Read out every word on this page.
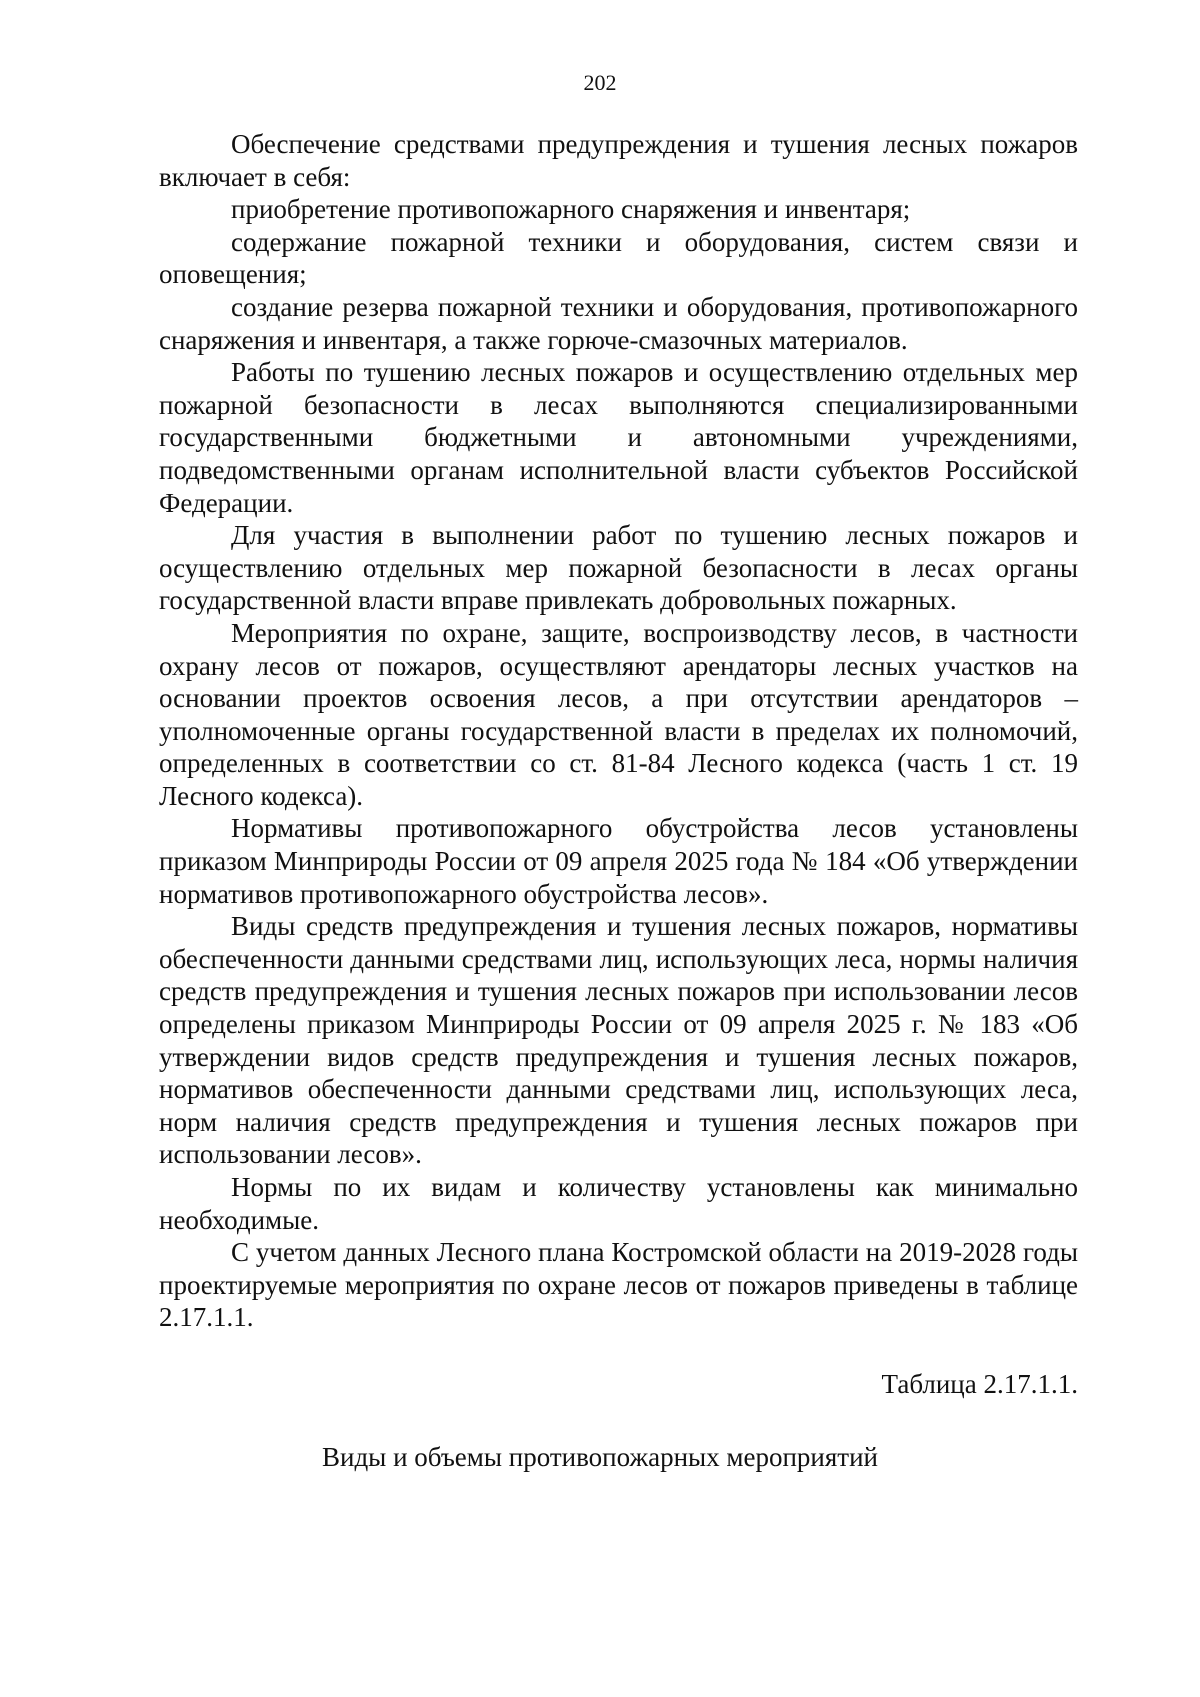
202

Обеспечение средствами предупреждения и тушения лесных пожаров включает в себя:

приобретение противопожарного снаряжения и инвентаря;

содержание пожарной техники и оборудования, систем связи и оповещения;

создание резерва пожарной техники и оборудования, противопожарного снаряжения и инвентаря, а также горюче-смазочных материалов.

Работы по тушению лесных пожаров и осуществлению отдельных мер пожарной безопасности в лесах выполняются специализированными государственными бюджетными и автономными учреждениями, подведомственными органам исполнительной власти субъектов Российской Федерации.

Для участия в выполнении работ по тушению лесных пожаров и осуществлению отдельных мер пожарной безопасности в лесах органы государственной власти вправе привлекать добровольных пожарных.

Мероприятия по охране, защите, воспроизводству лесов, в частности охрану лесов от пожаров, осуществляют арендаторы лесных участков на основании проектов освоения лесов, а при отсутствии арендаторов – уполномоченные органы государственной власти в пределах их полномочий, определенных в соответствии со ст. 81-84 Лесного кодекса (часть 1 ст. 19 Лесного кодекса).

Нормативы противопожарного обустройства лесов установлены приказом Минприроды России от 09 апреля 2025 года № 184 «Об утверждении нормативов противопожарного обустройства лесов».

Виды средств предупреждения и тушения лесных пожаров, нормативы обеспеченности данными средствами лиц, использующих леса, нормы наличия средств предупреждения и тушения лесных пожаров при использовании лесов определены приказом Минприроды России от 09 апреля 2025 г. № 183 «Об утверждении видов средств предупреждения и тушения лесных пожаров, нормативов обеспеченности данными средствами лиц, использующих леса, норм наличия средств предупреждения и тушения лесных пожаров при использовании лесов».

Нормы по их видам и количеству установлены как минимально необходимые.

С учетом данных Лесного плана Костромской области на 2019-2028 годы проектируемые мероприятия по охране лесов от пожаров приведены в таблице 2.17.1.1.

Таблица 2.17.1.1.
Виды и объемы противопожарных мероприятий
